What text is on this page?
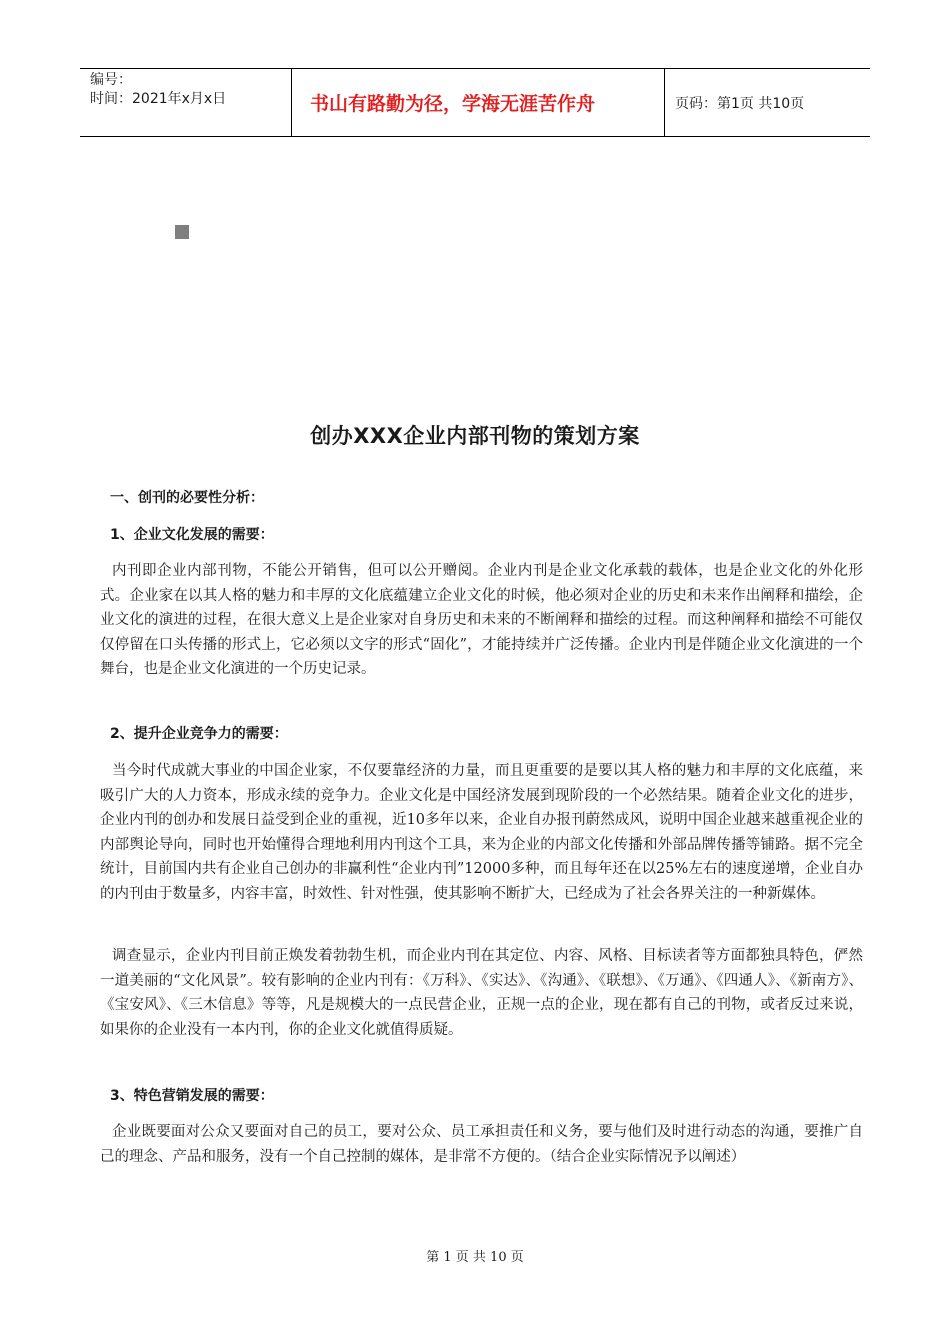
编号：
时间：2021年x月x日	书山有路勤为径，学海无涯苦作舟	页码：第1页 共10页
创办XXX企业内部刊物的策划方案
一、创刊的必要性分析：
1、企业文化发展的需要：
内刊即企业内部刊物，不能公开销售，但可以公开赠阅。企业内刊是企业文化承载的载体，也是企业文化的外化形式。企业家在以其人格的魅力和丰厚的文化底蕴建立企业文化的时候，他必须对企业的历史和未来作出阐释和描绘，企业文化的演进的过程，在很大意义上是企业家对自身历史和未来的不断阐释和描绘的过程。而这种阐释和描绘不可能仅仅停留在口头传播的形式上，它必须以文字的形式“固化”，才能持续并广泛传播。企业内刊是伴随企业文化演进的一个舞台，也是企业文化演进的一个历史记录。
2、提升企业竞争力的需要：
当今时代成就大事业的中国企业家，不仅要靠经济的力量，而且更重要的是要以其人格的魅力和丰厚的文化底蕴，来吸引广大的人力资本，形成永续的竞争力。企业文化是中国经济发展到现阶段的一个必然结果。随着企业文化的进步，企业内刊的创办和发展日益受到企业的重视，近10多年以来，企业自办报刊蔚然成风，说明中国企业越来越重视企业的内部舆论导向，同时也开始懂得合理地利用内刊这个工具，来为企业的内部文化传播和外部品牌传播等铺路。据不完全统计，目前国内共有企业自己创办的非赢利性“企业内刊”12000多种，而且每年还在以25%左右的速度递增，企业自办的内刊由于数量多，内容丰富，时效性、针对性强，使其影响不断扩大，已经成为了社会各界关注的一种新媒体。
调查显示，企业内刊目前正焕发着勃勃生机，而企业内刊在其定位、内容、风格、目标读者等方面都独具特色，俨然一道美丽的“文化风景”。较有影响的企业内刊有：《万科》、《实达》、《沟通》、《联想》、《万通》、《四通人》、《新南方》、《宝安风》、《三木信息》等等，凡是规模大的一点民营企业，正规一点的企业，现在都有自己的刊物，或者反过来说，如果你的企业没有一本内刊，你的企业文化就值得质疑。
3、特色营销发展的需要：
企业既要面对公众又要面对自己的员工，要对公众、员工承担责任和义务，要与他们及时进行动态的沟通，要推广自己的理念、产品和服务，没有一个自己控制的媒体，是非常不方便的。（结合企业实际情况予以阐述）
第 1 页 共 10 页
